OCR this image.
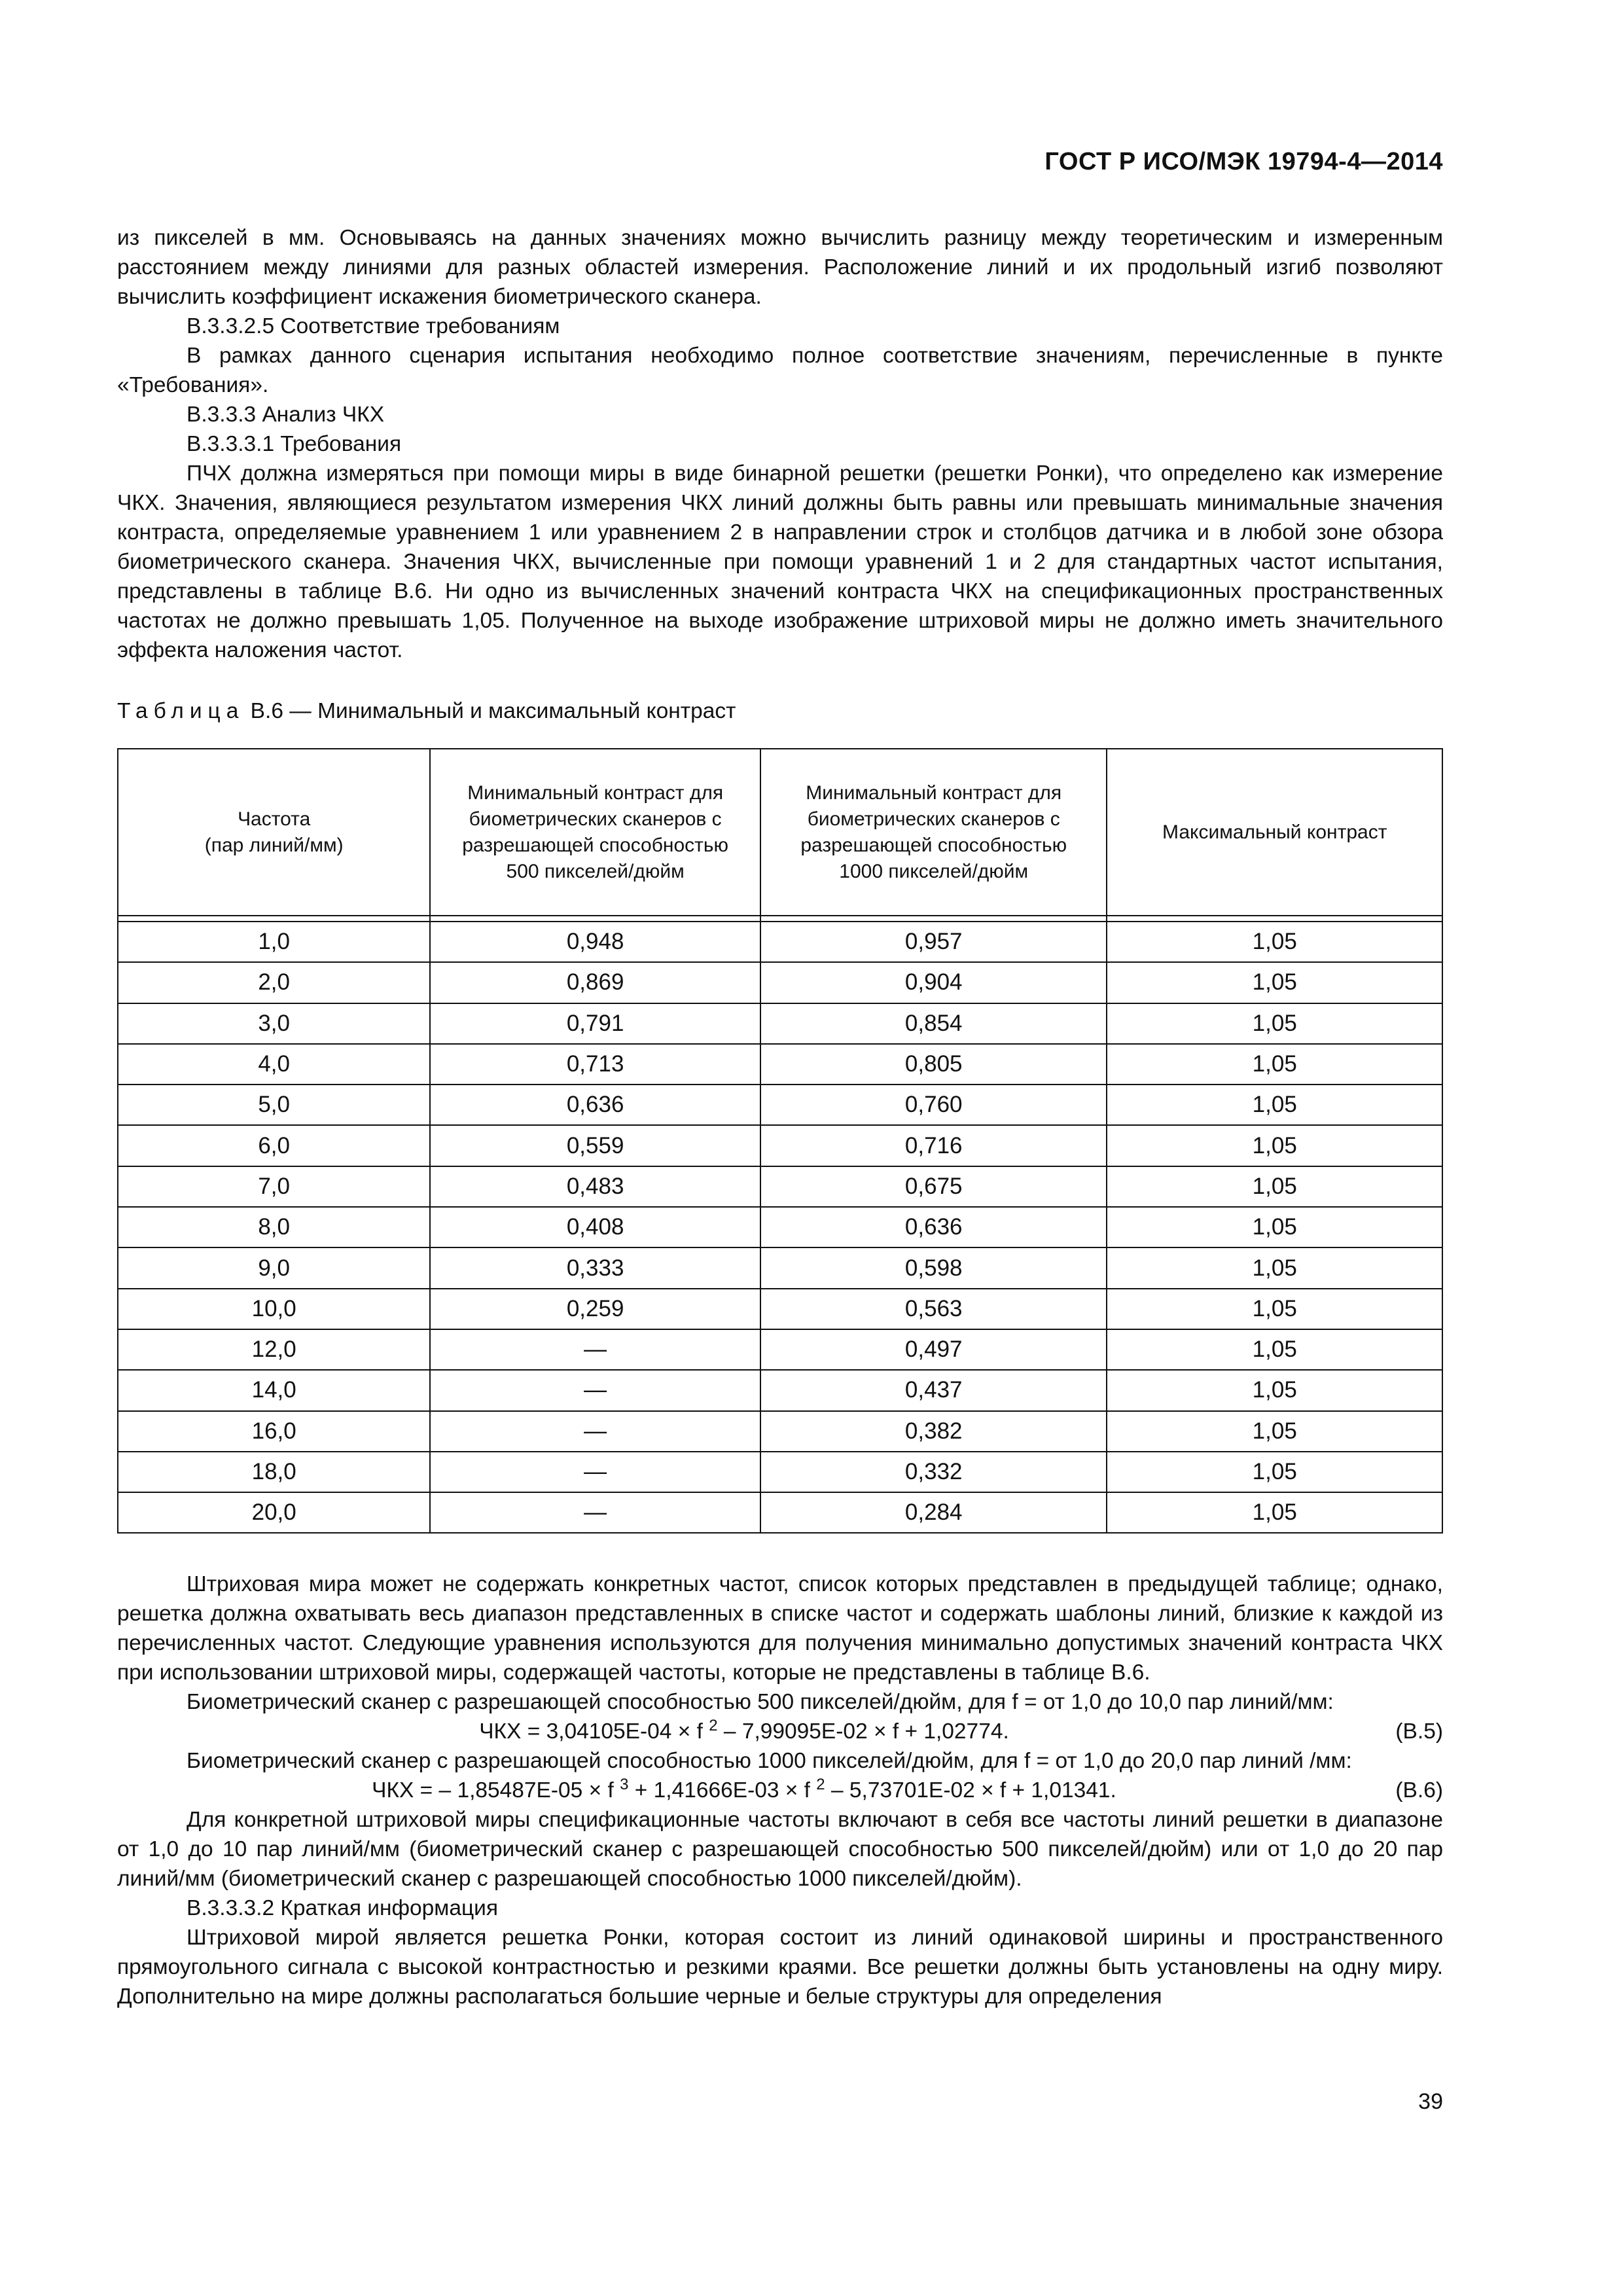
ГОСТ Р ИСО/МЭК 19794-4—2014

из пикселей в мм. Основываясь на данных значениях можно вычислить разницу между теоретическим и измеренным расстоянием между линиями для разных областей измерения. Расположение линий и их продольный изгиб позволяют вычислить коэффициент искажения биометрического сканера.

В.3.3.2.5 Соответствие требованиям

В рамках данного сценария испытания необходимо полное соответствие значениям, перечисленные в пункте «Требования».

В.3.3.3 Анализ ЧКХ

В.3.3.3.1 Требования

ПЧХ должна измеряться при помощи миры в виде бинарной решетки (решетки Ронки), что определено как измерение ЧКХ. Значения, являющиеся результатом измерения ЧКХ линий должны быть равны или превышать минимальные значения контраста, определяемые уравнением 1 или уравнением 2 в направлении строк и столбцов датчика и в любой зоне обзора биометрического сканера. Значения ЧКХ, вычисленные при помощи уравнений 1 и 2 для стандартных частот испытания, представлены в таблице В.6. Ни одно из вычисленных значений контраста ЧКХ на спецификационных пространственных частотах не должно превышать 1,05. Полученное на выходе изображение штриховой миры не должно иметь значительного эффекта наложения частот.

Таблица В.6 — Минимальный и максимальный контраст

Частота
(пар линий/мм)	Минимальный контраст для биометрических сканеров с разрешающей способностью 500 пикселей/дюйм	Минимальный контраст для биометрических сканеров с разрешающей способностью 1000 пикселей/дюйм	Максимальный контраст

1,0	0,948	0,957	1,05
2,0	0,869	0,904	1,05
3,0	0,791	0,854	1,05
4,0	0,713	0,805	1,05
5,0	0,636	0,760	1,05
6,0	0,559	0,716	1,05
7,0	0,483	0,675	1,05
8,0	0,408	0,636	1,05
9,0	0,333	0,598	1,05
10,0	0,259	0,563	1,05
12,0	—	0,497	1,05
14,0	—	0,437	1,05
16,0	—	0,382	1,05
18,0	—	0,332	1,05
20,0	—	0,284	1,05

Штриховая мира может не содержать конкретных частот, список которых представлен в предыдущей таблице; однако, решетка должна охватывать весь диапазон представленных в списке частот и содержать шаблоны линий, близкие к каждой из перечисленных частот. Следующие уравнения используются для получения минимально допустимых значений контраста ЧКХ при использовании штриховой миры, содержащей частоты, которые не представлены в таблице В.6.

Биометрический сканер с разрешающей способностью 500 пикселей/дюйм, для f = от 1,0 до 10,0 пар линий/мм:

ЧКХ = 3,04105E-04 × f $^2$ – 7,99095E-02 × f + 1,02774.	(В.5)

Биометрический сканер с разрешающей способностью 1000 пикселей/дюйм, для f = от 1,0 до 20,0 пар линий /мм:

ЧКХ = – 1,85487E-05 × f $^3$ + 1,41666E-03 × f $^2$ – 5,73701E-02 × f + 1,01341.	(В.6)

Для конкретной штриховой миры спецификационные частоты включают в себя все частоты линий решетки в диапазоне от 1,0 до 10 пар линий/мм (биометрический сканер с разрешающей способностью 500 пикселей/дюйм) или от 1,0 до 20 пар линий/мм (биометрический сканер с разрешающей способностью 1000 пикселей/дюйм).

В.3.3.3.2 Краткая информация

Штриховой мирой является решетка Ронки, которая состоит из линий одинаковой ширины и пространственного прямоугольного сигнала с высокой контрастностью и резкими краями. Все решетки должны быть установлены на одну миру. Дополнительно на мире должны располагаться большие черные и белые структуры для определения

39
